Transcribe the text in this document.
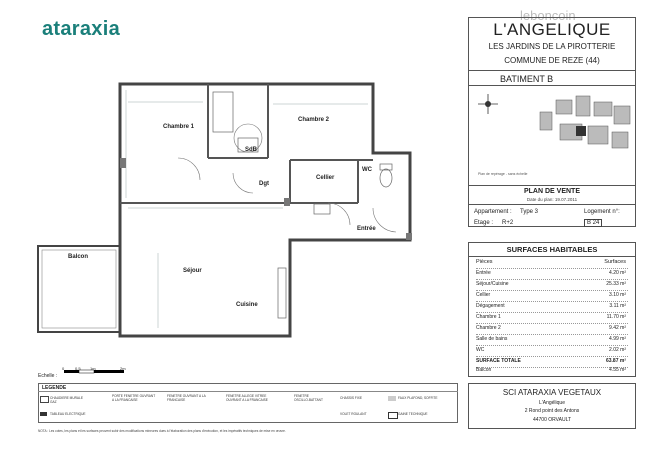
ataraxia
leboncoin
Chambre 1
Chambre 2
SdB
Dgt
Cellier
WC
Entrée
Balcon
Séjour
Cuisine
Echelle :
0	0.5 1m	2m
LEGENDE
CHAUDIERE MURALE GAZ
PORTE FENETRE OUVRANT A LA FRANCAISE
FENETRE OUVRANT A LA FRANCAISE
FENETRE ALLEGE VITREE OUVRANT A LA FRANCAISE
FENETRE OSCILLO-BATTANT	CHASSIS FIXE	FAUX PLAFOND, SOFFITE
TABLEAU ELECTRIQUE	VOLET ROULANT	GAINE TECHNIQUE
NOTA : Les cotes, les plans et les surfaces peuvent subir des modifications mineures dues à l'élaboration des plans d'exécution, et les impératifs techniques de mise en œuvre.
L'ANGELIQUE
LES JARDINS DE LA PIROTTERIE
COMMUNE DE REZE (44)
BATIMENT B
Plan de repérage - sans échelle
PLAN DE VENTE
Date du plan: 19.07.2011
Appartement : Type 3	Logement n°:
Etage : R+2	B 24
SURFACES HABITABLES
Pièces	Surfaces
Entrée	4.20 m²
Séjour/Cuisine	25.33 m²
Cellier	3.10 m²
Dégagement	3.11 m²
Chambre 1	11.70 m²
Chambre 2	9.42 m²
Salle de bains	4.99 m²
WC	2.02 m²
SURFACE TOTALE	63.87 m²
Balcon	4.55 m²
SCI ATARAXIA VEGETAUX
L'Angélique
2 Rond point des Antons
44700 ORVAULT
